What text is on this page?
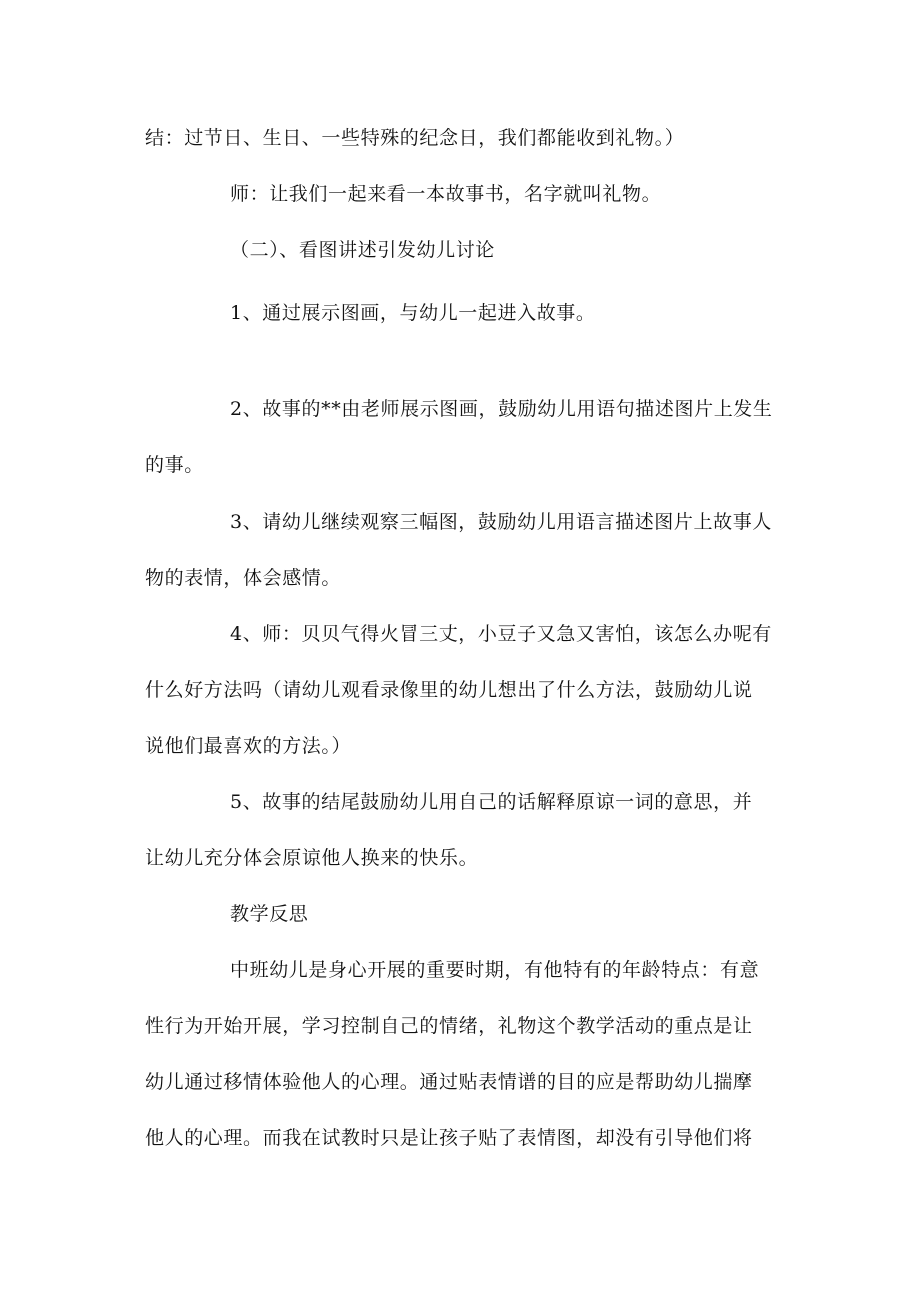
结：过节日、生日、一些特殊的纪念日，我们都能收到礼物。）
师：让我们一起来看一本故事书，名字就叫礼物。
（二）、看图讲述引发幼儿讨论
1、通过展示图画，与幼儿一起进入故事。
2、故事的**由老师展示图画，鼓励幼儿用语句描述图片上发生
的事。
3、请幼儿继续观察三幅图，鼓励幼儿用语言描述图片上故事人
物的表情，体会感情。
4、师：贝贝气得火冒三丈，小豆子又急又害怕，该怎么办呢有
什么好方法吗（请幼儿观看录像里的幼儿想出了什么方法，鼓励幼儿说
说他们最喜欢的方法。）
5、故事的结尾鼓励幼儿用自己的话解释原谅一词的意思，并
让幼儿充分体会原谅他人换来的快乐。
教学反思
中班幼儿是身心开展的重要时期，有他特有的年龄特点：有意
性行为开始开展，学习控制自己的情绪，礼物这个教学活动的重点是让
幼儿通过移情体验他人的心理。通过贴表情谱的目的应是帮助幼儿揣摩
他人的心理。而我在试教时只是让孩子贴了表情图，却没有引导他们将
